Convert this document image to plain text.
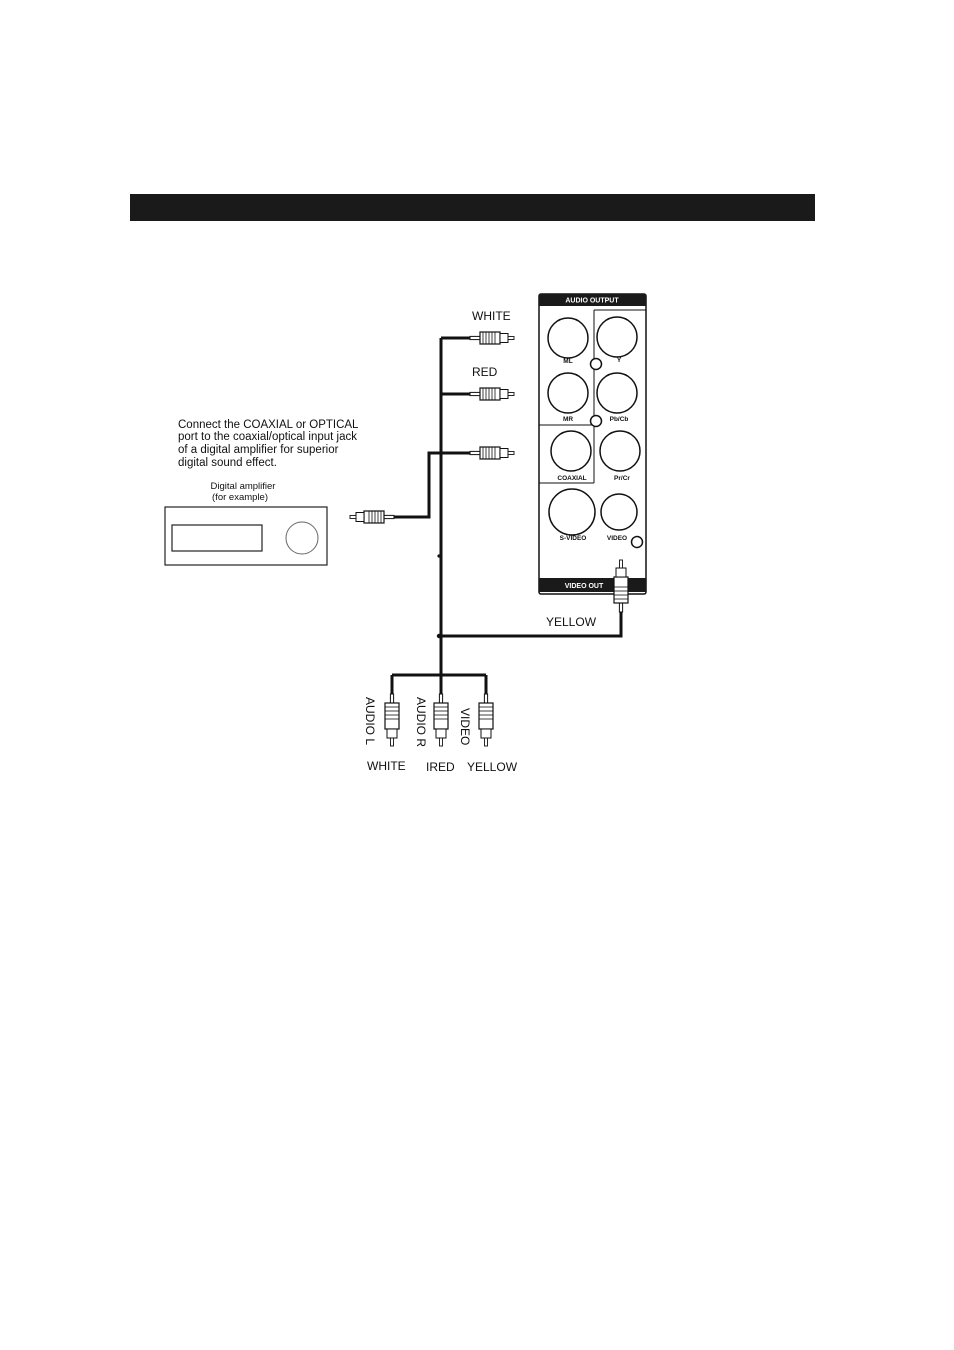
Connect the COAXIAL or OPTICAL
port to the coaxial/optical input jack
of a digital amplifier for superior
digital sound effect.
Digital amplifier
(for example)
WHITE
RED
YELLOW
AUDIO OUTPUT
VIDEO OUT
ML	Y
MR	Pb/Cb
COAXIAL	Pr/Cr
S-VIDEO	VIDEO
AUDIO L	AUDIO R	VIDEO
WHITE IRED YELLOW
